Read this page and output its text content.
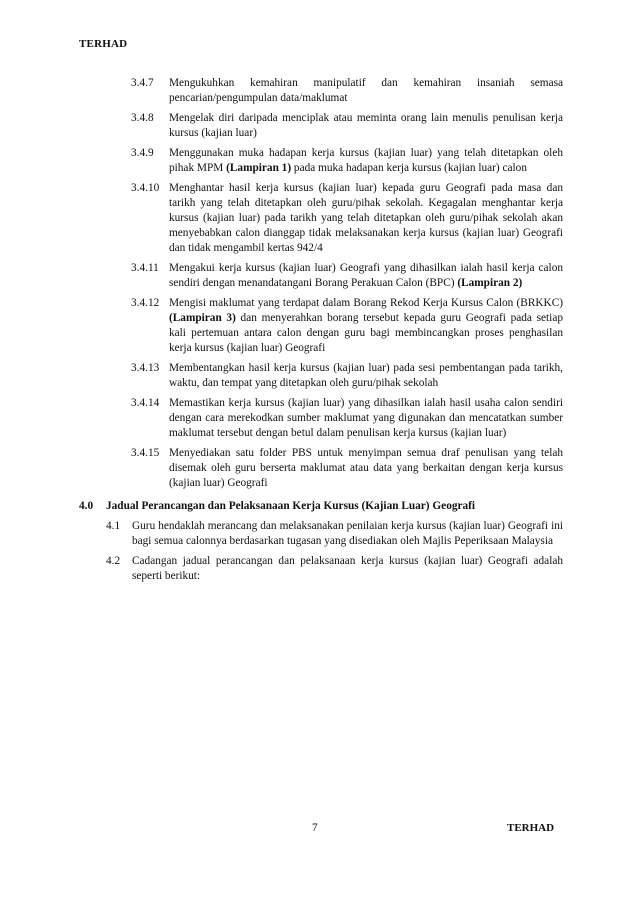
TERHAD
3.4.7	Mengukuhkan kemahiran manipulatif dan kemahiran insaniah semasa pencarian/pengumpulan data/maklumat
3.4.8	Mengelak diri daripada menciplak atau meminta orang lain menulis penulisan kerja kursus (kajian luar)
3.4.9	Menggunakan muka hadapan kerja kursus (kajian luar) yang telah ditetapkan oleh pihak MPM (Lampiran 1) pada muka hadapan kerja kursus (kajian luar) calon
3.4.10 Menghantar hasil kerja kursus (kajian luar) kepada guru Geografi pada masa dan tarikh yang telah ditetapkan oleh guru/pihak sekolah. Kegagalan menghantar kerja kursus (kajian luar) pada tarikh yang telah ditetapkan oleh guru/pihak sekolah akan menyebabkan calon dianggap tidak melaksanakan kerja kursus (kajian luar) Geografi dan tidak mengambil kertas 942/4
3.4.11 Mengakui kerja kursus (kajian luar) Geografi yang dihasilkan ialah hasil kerja calon sendiri dengan menandatangani Borang Perakuan Calon (BPC) (Lampiran 2)
3.4.12 Mengisi maklumat yang terdapat dalam Borang Rekod Kerja Kursus Calon (BRKKC) (Lampiran 3) dan menyerahkan borang tersebut kepada guru Geografi pada setiap kali pertemuan antara calon dengan guru bagi membincangkan proses penghasilan kerja kursus (kajian luar) Geografi
3.4.13 Membentangkan hasil kerja kursus (kajian luar) pada sesi pembentangan pada tarikh, waktu, dan tempat yang ditetapkan oleh guru/pihak sekolah
3.4.14 Memastikan kerja kursus (kajian luar) yang dihasilkan ialah hasil usaha calon sendiri dengan cara merekodkan sumber maklumat yang digunakan dan mencatatkan sumber maklumat tersebut dengan betul dalam penulisan kerja kursus (kajian luar)
3.4.15 Menyediakan satu folder PBS untuk menyimpan semua draf penulisan yang telah disemak oleh guru berserta maklumat atau data yang berkaitan dengan kerja kursus (kajian luar) Geografi
4.0	Jadual Perancangan dan Pelaksanaan Kerja Kursus (Kajian Luar) Geografi
4.1	Guru hendaklah merancang dan melaksanakan penilaian kerja kursus (kajian luar) Geografi ini bagi semua calonnya berdasarkan tugasan yang disediakan oleh Majlis Peperiksaan Malaysia
4.2	Cadangan jadual perancangan dan pelaksanaan kerja kursus (kajian luar) Geografi adalah seperti berikut:
7	TERHAD
